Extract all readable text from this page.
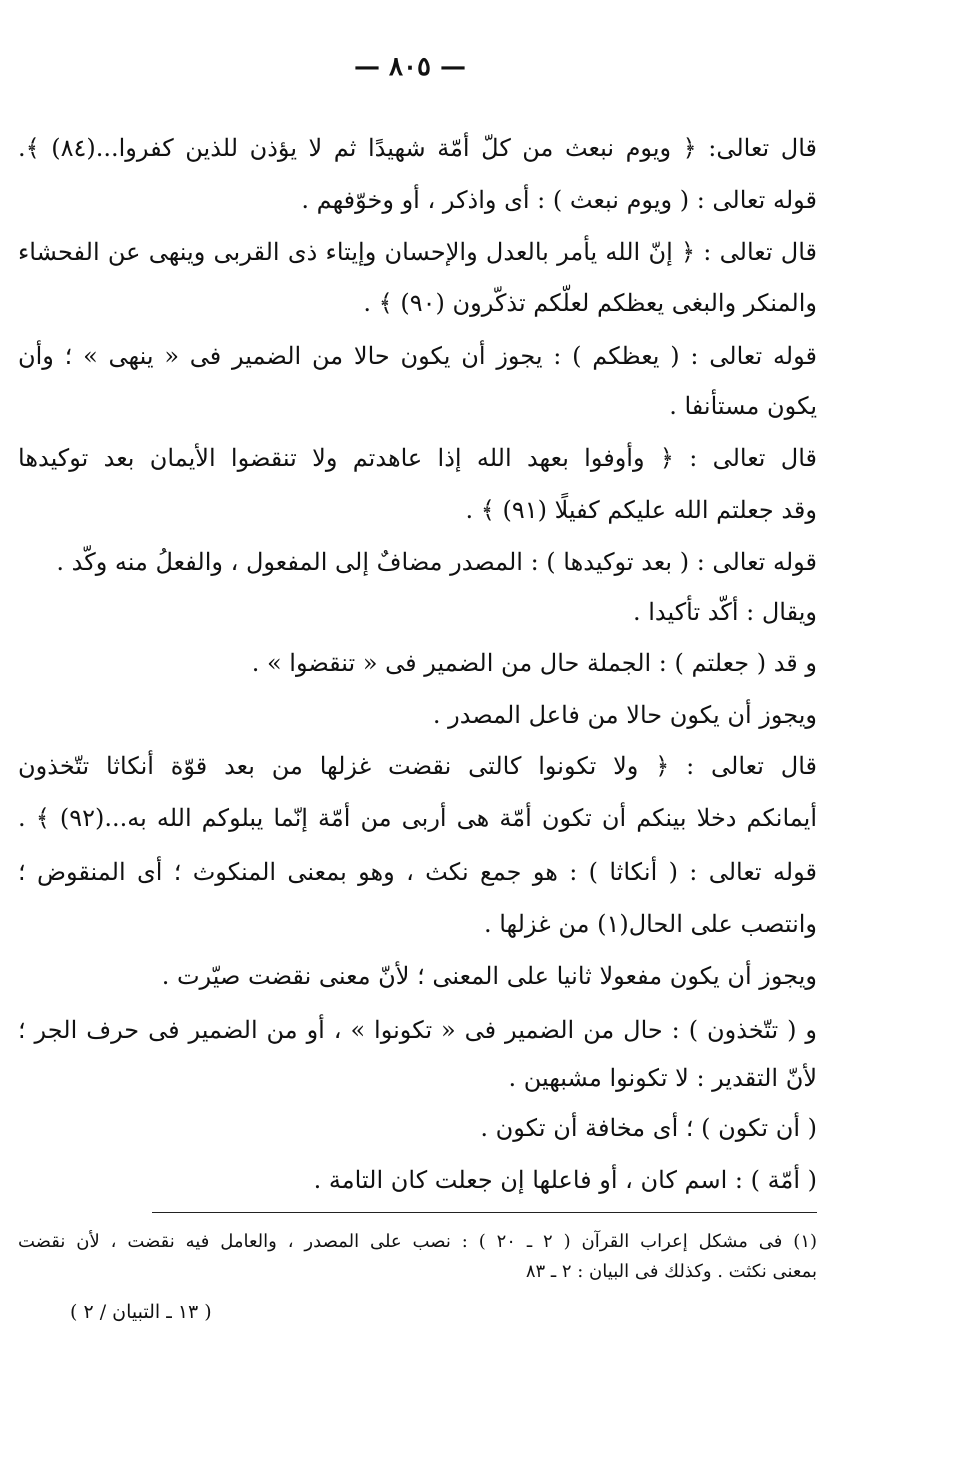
— ٨٠٥ —
قال تعالى: ﴿ ويوم نبعث من كلّ أمّة شهيدًا ثم لا يؤذن للذين كفروا...(٨٤) ﴾.
قوله تعالى : ( ويوم نبعث ) : أى واذكر ، أو وخوّفهم .
قال تعالى : ﴿ إنّ الله يأمر بالعدل والإحسان وإيتاء ذى القربى وينهى عن الفحشاء
والمنكر والبغى يعظكم لعلّكم تذكّرون (٩٠) ﴾ .
قوله تعالى : ( يعظكم ) : يجوز أن يكون حالا من الضمير فى « ينهى » ؛ وأن
يكون مستأنفا .
قال تعالى : ﴿ وأوفوا بعهد الله إذا عاهدتم ولا تنقضوا الأيمان بعد توكيدها
وقد جعلتم الله عليكم كفيلًا (٩١) ﴾ .
قوله تعالى : ( بعد توكيدها ) : المصدر مضافٌ إلى المفعول ، والفعلُ منه وكّد .
ويقال : أكّد تأكيدا .
و قد ( جعلتم ) : الجملة حال من الضمير فى « تنقضوا » .
ويجوز أن يكون حالا من فاعل المصدر .
قال تعالى : ﴿ ولا تكونوا كالتى نقضت غزلها من بعد قوّة أنكاثا تتّخذون
أيمانكم دخلا بينكم أن تكون أمّة هى أربى من أمّة إنّما يبلوكم الله به...(٩٢) ﴾ .
قوله تعالى : ( أنكاثا ) : هو جمع نكث ، وهو بمعنى المنكوث ؛ أى المنقوض ؛
وانتصب على الحال(١) من غزلها .
ويجوز أن يكون مفعولا ثانيا على المعنى ؛ لأنّ معنى نقضت صيّرت .
و ( تتّخذون ) : حال من الضمير فى « تكونوا » ، أو من الضمير فى حرف الجر ؛
لأنّ التقدير : لا تكونوا مشبهين .
( أن تكون ) ؛ أى مخافة أن تكون .
( أمّة ) : اسم كان ، أو فاعلها إن جعلت كان التامة .
(١) فى مشكل إعراب القرآن ( ٢ ـ ٢٠ ) : نصب على المصدر ، والعامل فيه نقضت ، لأن نقضت
بمعنى نكثت . وكذلك فى البيان : ٢ ـ ٨٣
( ١٣ ـ التبيان / ٢ )
